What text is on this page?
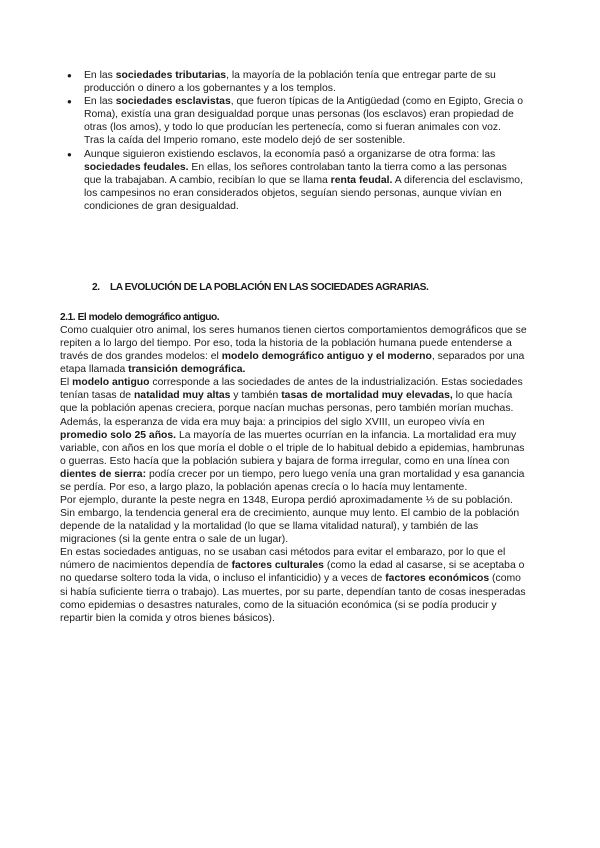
● En las sociedades tributarias, la mayoría de la población tenía que entregar parte de su producción o dinero a los gobernantes y a los templos.
● En las sociedades esclavistas, que fueron típicas de la Antigüedad (como en Egipto, Grecia o Roma), existía una gran desigualdad porque unas personas (los esclavos) eran propiedad de otras (los amos), y todo lo que producían les pertenecía, como si fueran animales con voz. Tras la caída del Imperio romano, este modelo dejó de ser sostenible.
● Aunque siguieron existiendo esclavos, la economía pasó a organizarse de otra forma: las sociedades feudales. En ellas, los señores controlaban tanto la tierra como a las personas que la trabajaban. A cambio, recibían lo que se llama renta feudal. A diferencia del esclavismo, los campesinos no eran considerados objetos, seguían siendo personas, aunque vivían en condiciones de gran desigualdad.
2. LA EVOLUCIÓN DE LA POBLACIÓN EN LAS SOCIEDADES AGRARIAS.
2.1. El modelo demográfico antiguo.

Como cualquier otro animal, los seres humanos tienen ciertos comportamientos demográficos que se repiten a lo largo del tiempo. Por eso, toda la historia de la población humana puede entenderse a través de dos grandes modelos: el modelo demográfico antiguo y el moderno, separados por una etapa llamada transición demográfica.

El modelo antiguo corresponde a las sociedades de antes de la industrialización. Estas sociedades tenían tasas de natalidad muy altas y también tasas de mortalidad muy elevadas, lo que hacía que la población apenas creciera, porque nacían muchas personas, pero también morían muchas. Además, la esperanza de vida era muy baja: a principios del siglo XVIII, un europeo vivía en promedio solo 25 años. La mayoría de las muertes ocurrían en la infancia. La mortalidad era muy variable, con años en los que moría el doble o el triple de lo habitual debido a epidemias, hambrunas o guerras. Esto hacía que la población subiera y bajara de forma irregular, como en una línea con dientes de sierra: podía crecer por un tiempo, pero luego venía una gran mortalidad y esa ganancia se perdía. Por eso, a largo plazo, la población apenas crecía o lo hacía muy lentamente.

Por ejemplo, durante la peste negra en 1348, Europa perdió aproximadamente ⅓ de su población. Sin embargo, la tendencia general era de crecimiento, aunque muy lento. El cambio de la población depende de la natalidad y la mortalidad (lo que se llama vitalidad natural), y también de las migraciones (si la gente entra o sale de un lugar).

En estas sociedades antiguas, no se usaban casi métodos para evitar el embarazo, por lo que el número de nacimientos dependía de factores culturales (como la edad al casarse, si se aceptaba o no quedarse soltero toda la vida, o incluso el infanticidio) y a veces de factores económicos (como si había suficiente tierra o trabajo). Las muertes, por su parte, dependían tanto de cosas inesperadas como epidemias o desastres naturales, como de la situación económica (si se podía producir y repartir bien la comida y otros bienes básicos).
